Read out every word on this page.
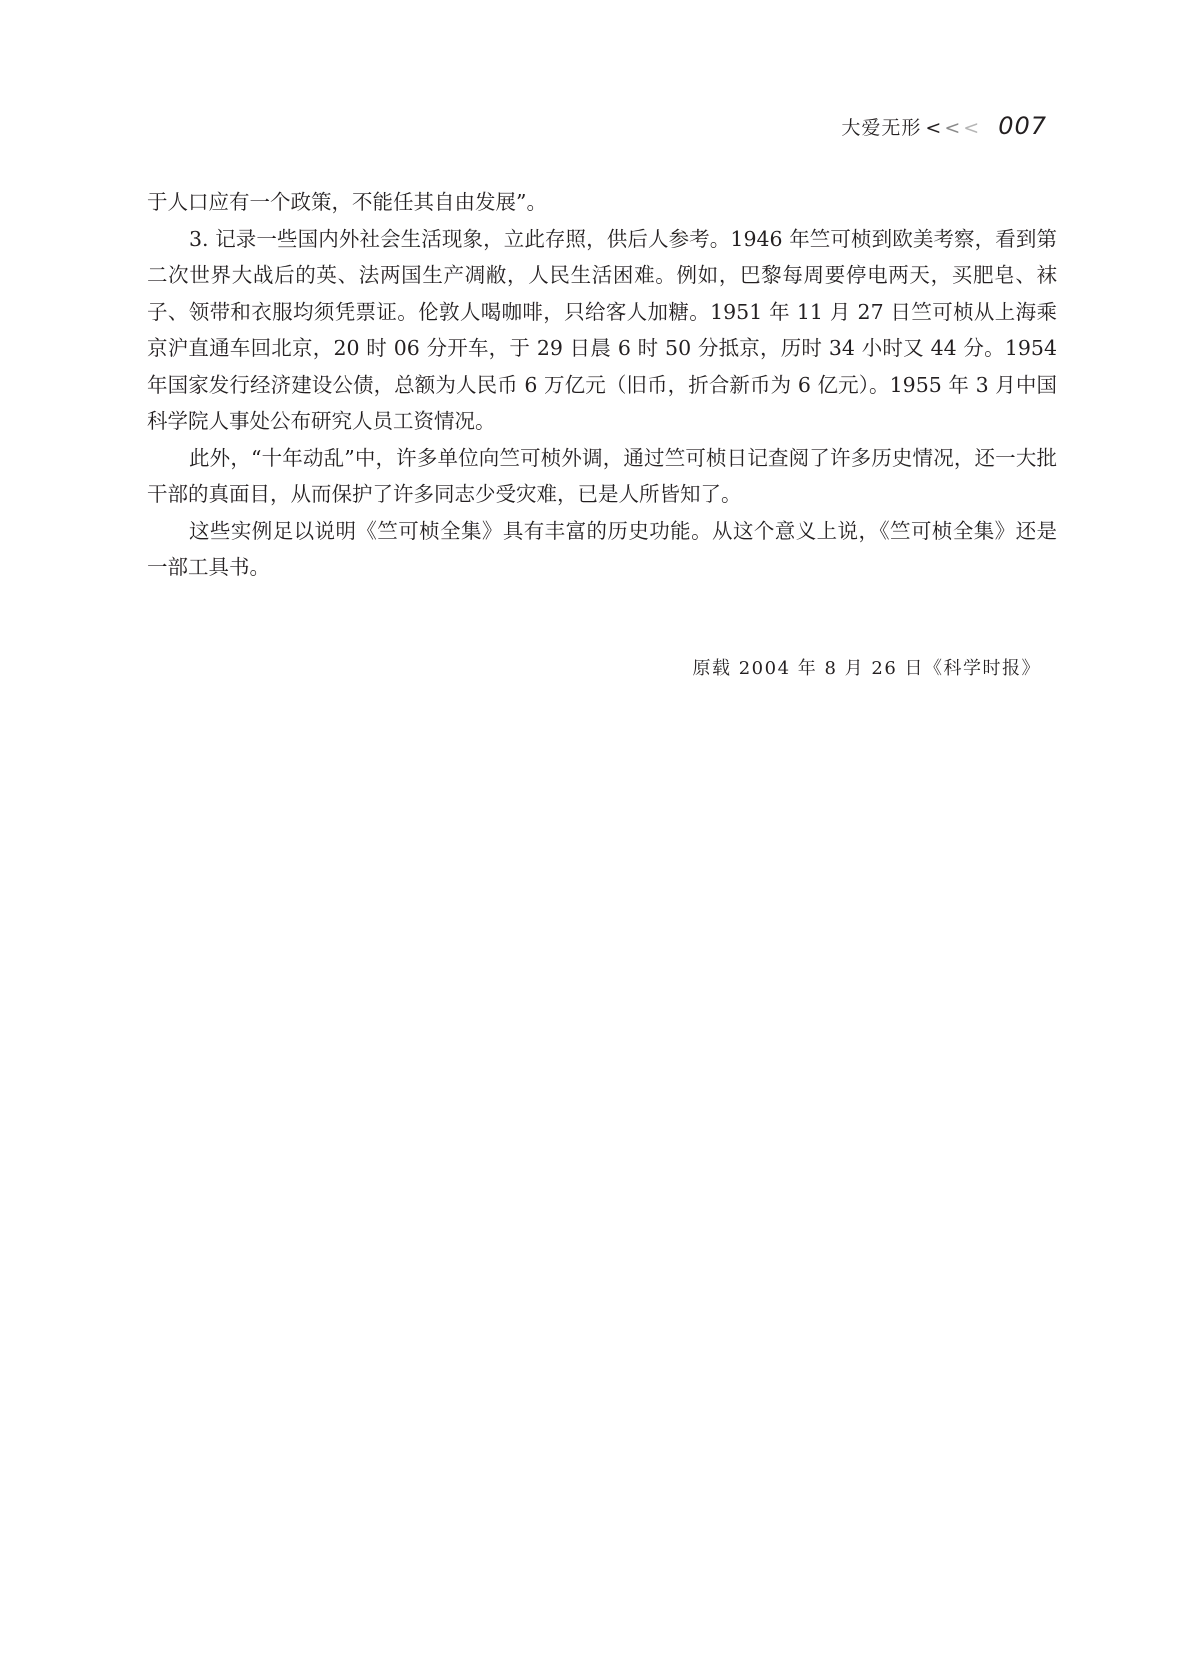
大爱无形 <<< 007

于人口应有一个政策，不能任其自由发展”。

3. 记录一些国内外社会生活现象，立此存照，供后人参考。1946 年竺可桢到欧美考察，看到第二次世界大战后的英、法两国生产凋敝，人民生活困难。例如，巴黎每周要停电两天，买肥皂、袜子、领带和衣服均须凭票证。伦敦人喝咖啡，只给客人加糖。1951 年 11 月 27 日竺可桢从上海乘京沪直通车回北京，20 时 06 分开车，于 29 日晨 6 时 50 分抵京，历时 34 小时又 44 分。1954 年国家发行经济建设公债，总额为人民币 6 万亿元（旧币，折合新币为 6 亿元）。1955 年 3 月中国科学院人事处公布研究人员工资情况。

此外，“十年动乱”中，许多单位向竺可桢外调，通过竺可桢日记查阅了许多历史情况，还一大批干部的真面目，从而保护了许多同志少受灾难，已是人所皆知了。

这些实例足以说明《竺可桢全集》具有丰富的历史功能。从这个意义上说，《竺可桢全集》还是一部工具书。

原载 2004 年 8 月 26 日《科学时报》
